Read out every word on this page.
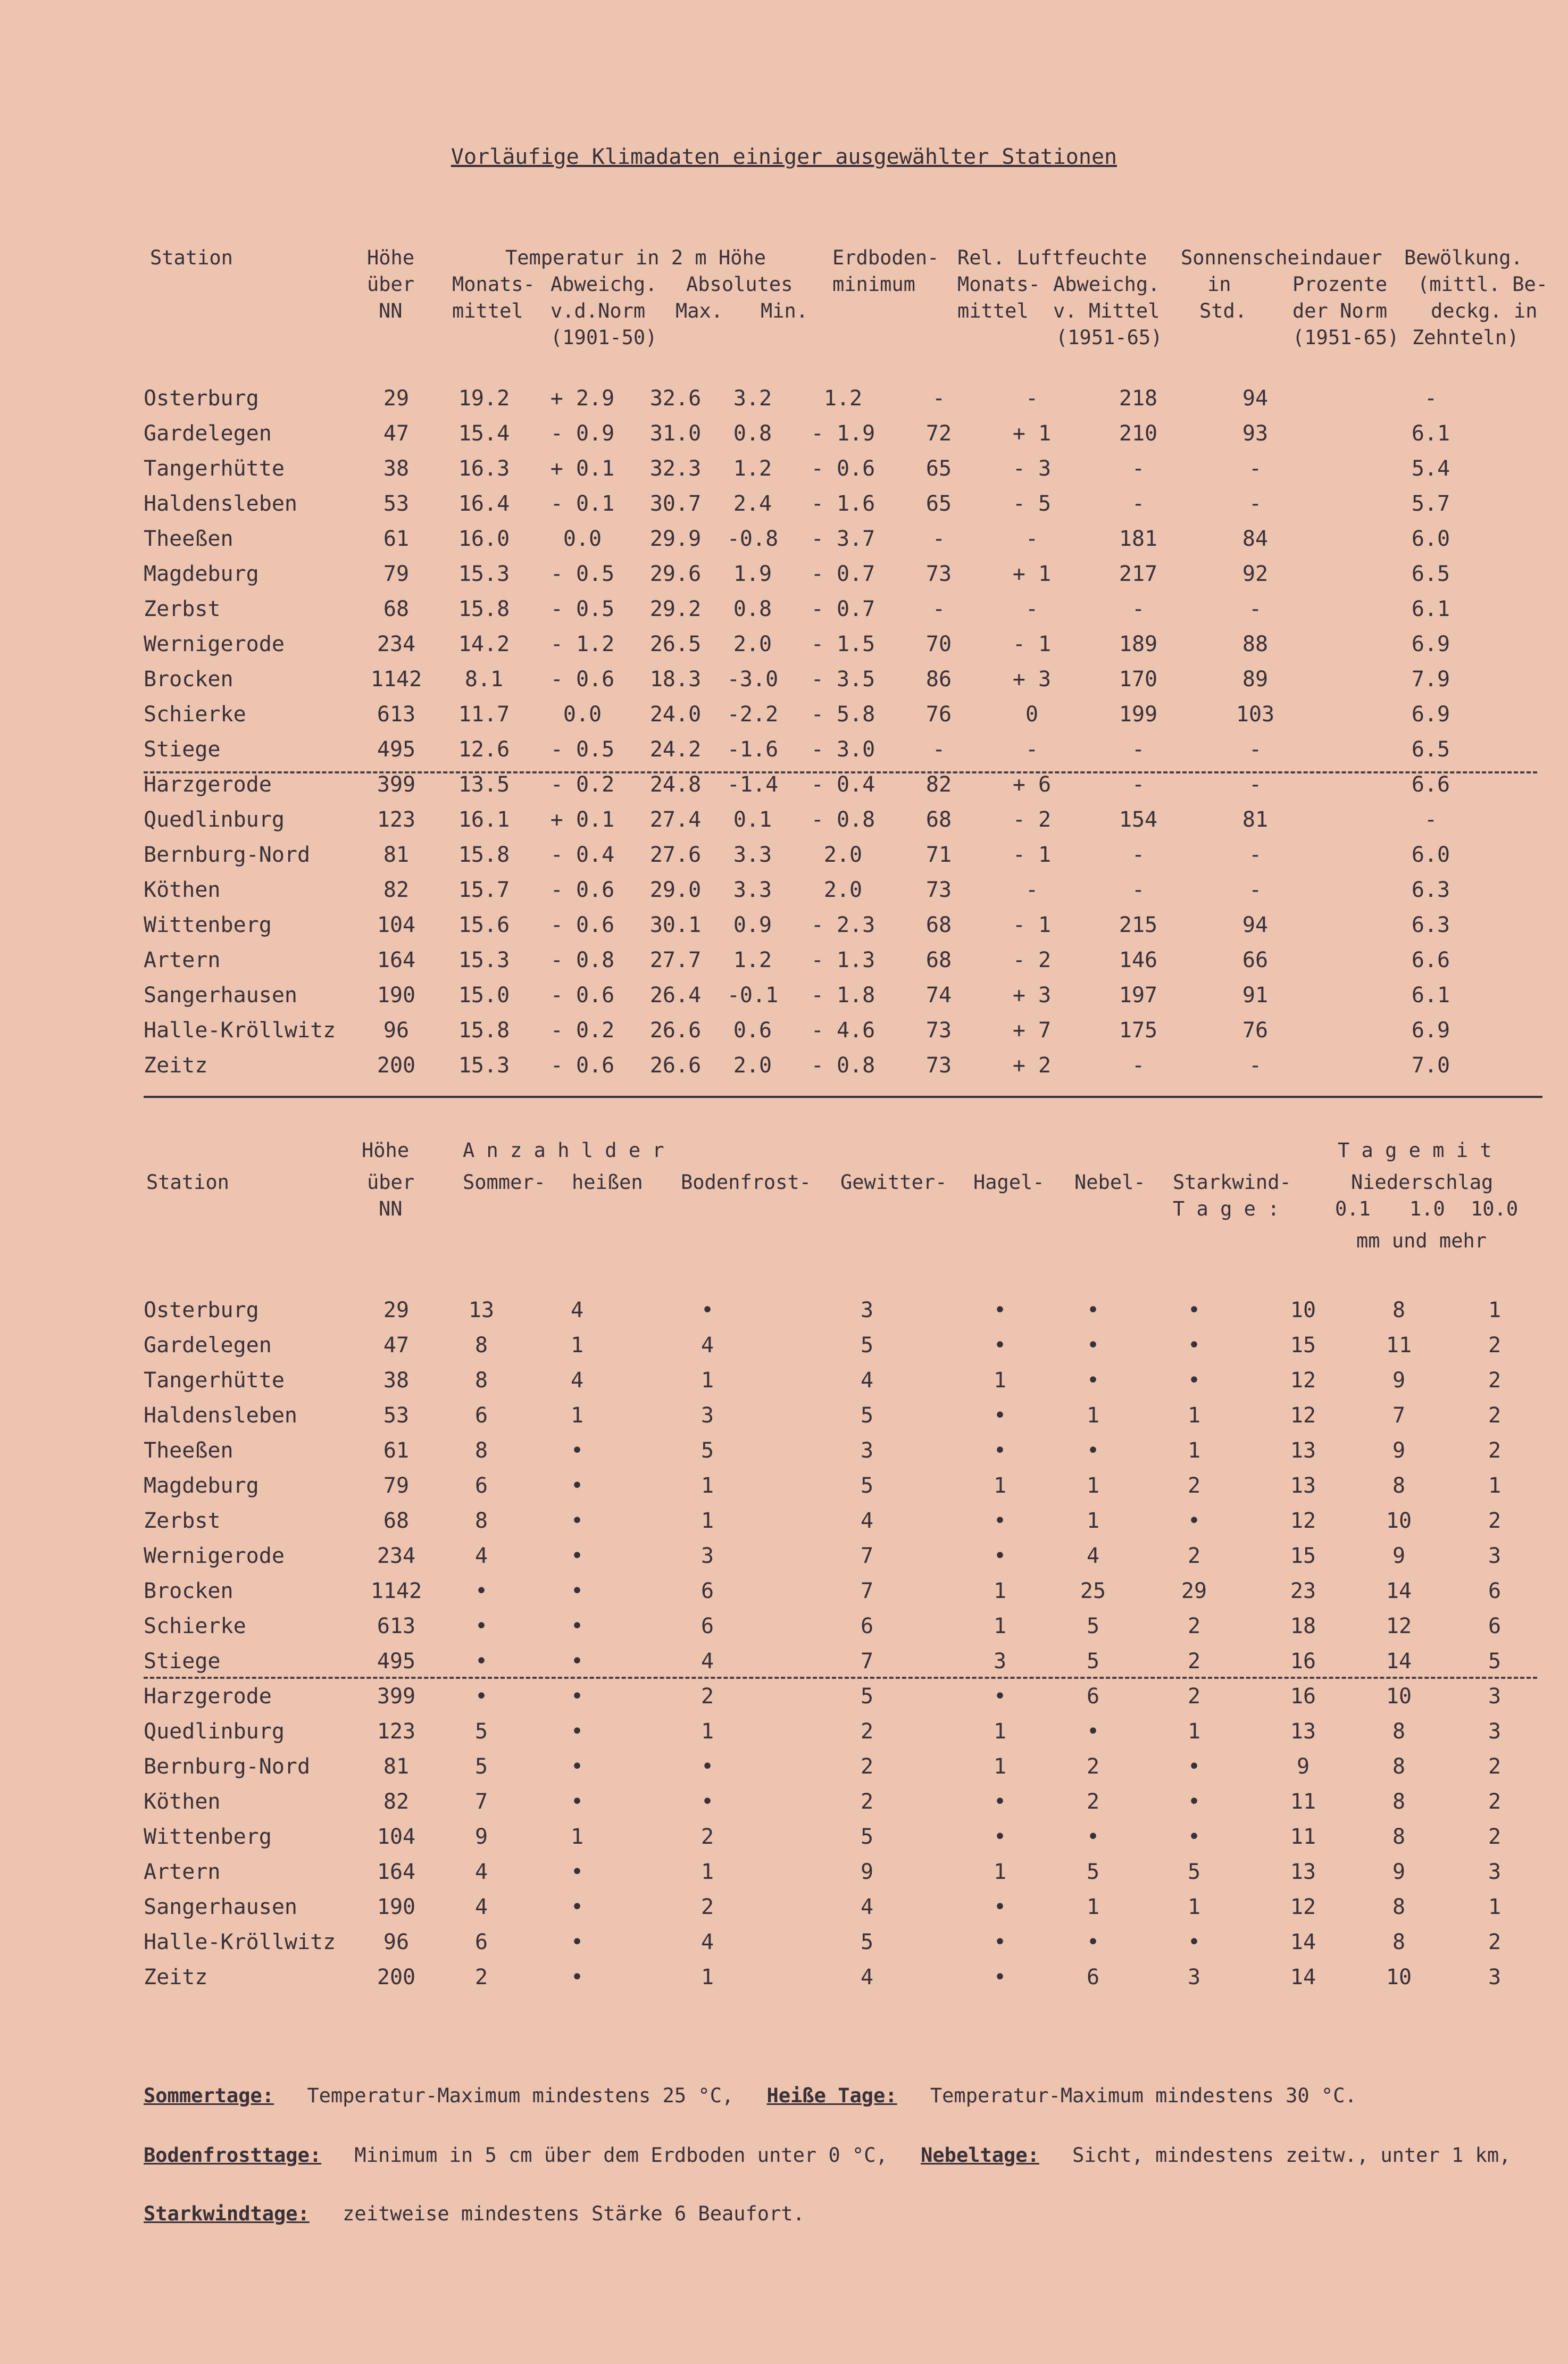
Vorläufige Klimadaten einiger ausgewählter Stationen
Station	Höhe
über
NN
Temperatur in 2 m Höhe
Monats-
mittel
Abweichg.
v.d.Norm
(1901-50)
Absolutes
Max. Min.
Erdboden-
minimum
Rel. Luftfeuchte
Monats-
mittel
Abweichg.
v. Mittel
(1951-65)
Sonnenscheindauer
in
Std.
Prozente
der Norm
(1951-65)
Bewölkung.
(mittl. Be-
deckg. in
Zehnteln)
Osterburg	29	19.2	+ 2.9	32.6	3.2	1.2	-	-	218	94	-
Gardelegen	47	15.4	- 0.9	31.0	0.8	- 1.9	72	+ 1	210	93	6.1
Tangerhütte	38	16.3	+ 0.1	32.3	1.2	- 0.6	65	- 3	-	-	5.4
Haldensleben	53	16.4	- 0.1	30.7	2.4	- 1.6	65	- 5	-	-	5.7
Theeßen	61	16.0	0.0	29.9	-0.8	- 3.7	-	-	181	84	6.0
Magdeburg	79	15.3	- 0.5	29.6	1.9	- 0.7	73	+ 1	217	92	6.5
Zerbst	68	15.8	- 0.5	29.2	0.8	- 0.7	-	-	-	-	6.1
Wernigerode	234	14.2	- 1.2	26.5	2.0	- 1.5	70	- 1	189	88	6.9
Brocken	1142	8.1	- 0.6	18.3	-3.0	- 3.5	86	+ 3	170	89	7.9
Schierke	613	11.7	0.0	24.0	-2.2	- 5.8	76	0	199	103	6.9
Stiege	495	12.6	- 0.5	24.2	-1.6	- 3.0	-	-	-	-	6.5
Harzgerode	399	13.5	- 0.2	24.8	-1.4	- 0.4	82	+ 6	-	-	6.6
Quedlinburg	123	16.1	+ 0.1	27.4	0.1	- 0.8	68	- 2	154	81	-
Bernburg-Nord	81	15.8	- 0.4	27.6	3.3	2.0	71	- 1	-	-	6.0
Köthen	82	15.7	- 0.6	29.0	3.3	2.0	73	-	-	-	6.3
Wittenberg	104	15.6	- 0.6	30.1	0.9	- 2.3	68	- 1	215	94	6.3
Artern	164	15.3	- 0.8	27.7	1.2	- 1.3	68	- 2	146	66	6.6
Sangerhausen	190	15.0	- 0.6	26.4	-0.1	- 1.8	74	+ 3	197	91	6.1
Halle-Kröllwitz	96	15.8	- 0.2	26.6	0.6	- 4.6	73	+ 7	175	76	6.9
Zeitz	200	15.3	- 0.6	26.6	2.0	- 0.8	73	+ 2	-	-	7.0
Höhe	A n z a h l d e r	T a g e m i t
Station	über Sommer- heißen Bodenfrost- Gewitter- Hagel- Nebel- Starkwind-	Niederschlag
NN	T a g e :	0.1 1.0 10.0
mm und mehr
Osterburg	29	13	4	•	3	•	•	•	10	8	1
Gardelegen	47	8	1	4	5	•	•	•	15	11	2
Tangerhütte	38	8	4	1	4	1	•	•	12	9	2
Haldensleben	53	6	1	3	5	•	1	1	12	7	2
Theeßen	61	8	•	5	3	•	•	1	13	9	2
Magdeburg	79	6	•	1	5	1	1	2	13	8	1
Zerbst	68	8	•	1	4	•	1	•	12	10	2
Wernigerode	234	4	•	3	7	•	4	2	15	9	3
Brocken	1142	•	•	6	7	1	25	29	23	14	6
Schierke	613	•	•	6	6	1	5	2	18	12	6
Stiege	495	•	•	4	7	3	5	2	16	14	5
Harzgerode	399	•	•	2	5	•	6	2	16	10	3
Quedlinburg	123	5	•	1	2	1	•	1	13	8	3
Bernburg-Nord	81	5	•	•	2	1	2	•	9	8	2
Köthen	82	7	•	•	2	•	2	•	11	8	2
Wittenberg	104	9	1	2	5	•	•	•	11	8	2
Artern	164	4	•	1	9	1	5	5	13	9	3
Sangerhausen	190	4	•	2	4	•	1	1	12	8	1
Halle-Kröllwitz	96	6	•	4	5	•	•	•	14	8	2
Zeitz	200	2	•	1	4	•	6	3	14	10	3
Sommertage: Temperatur-Maximum mindestens 25 °C, Heiße Tage: Temperatur-Maximum mindestens 30 °C.
Bodenfrosttage: Minimum in 5 cm über dem Erdboden unter 0 °C, Nebeltage: Sicht, mindestens zeitw., unter 1 km,
Starkwindtage: zeitweise mindestens Stärke 6 Beaufort.
